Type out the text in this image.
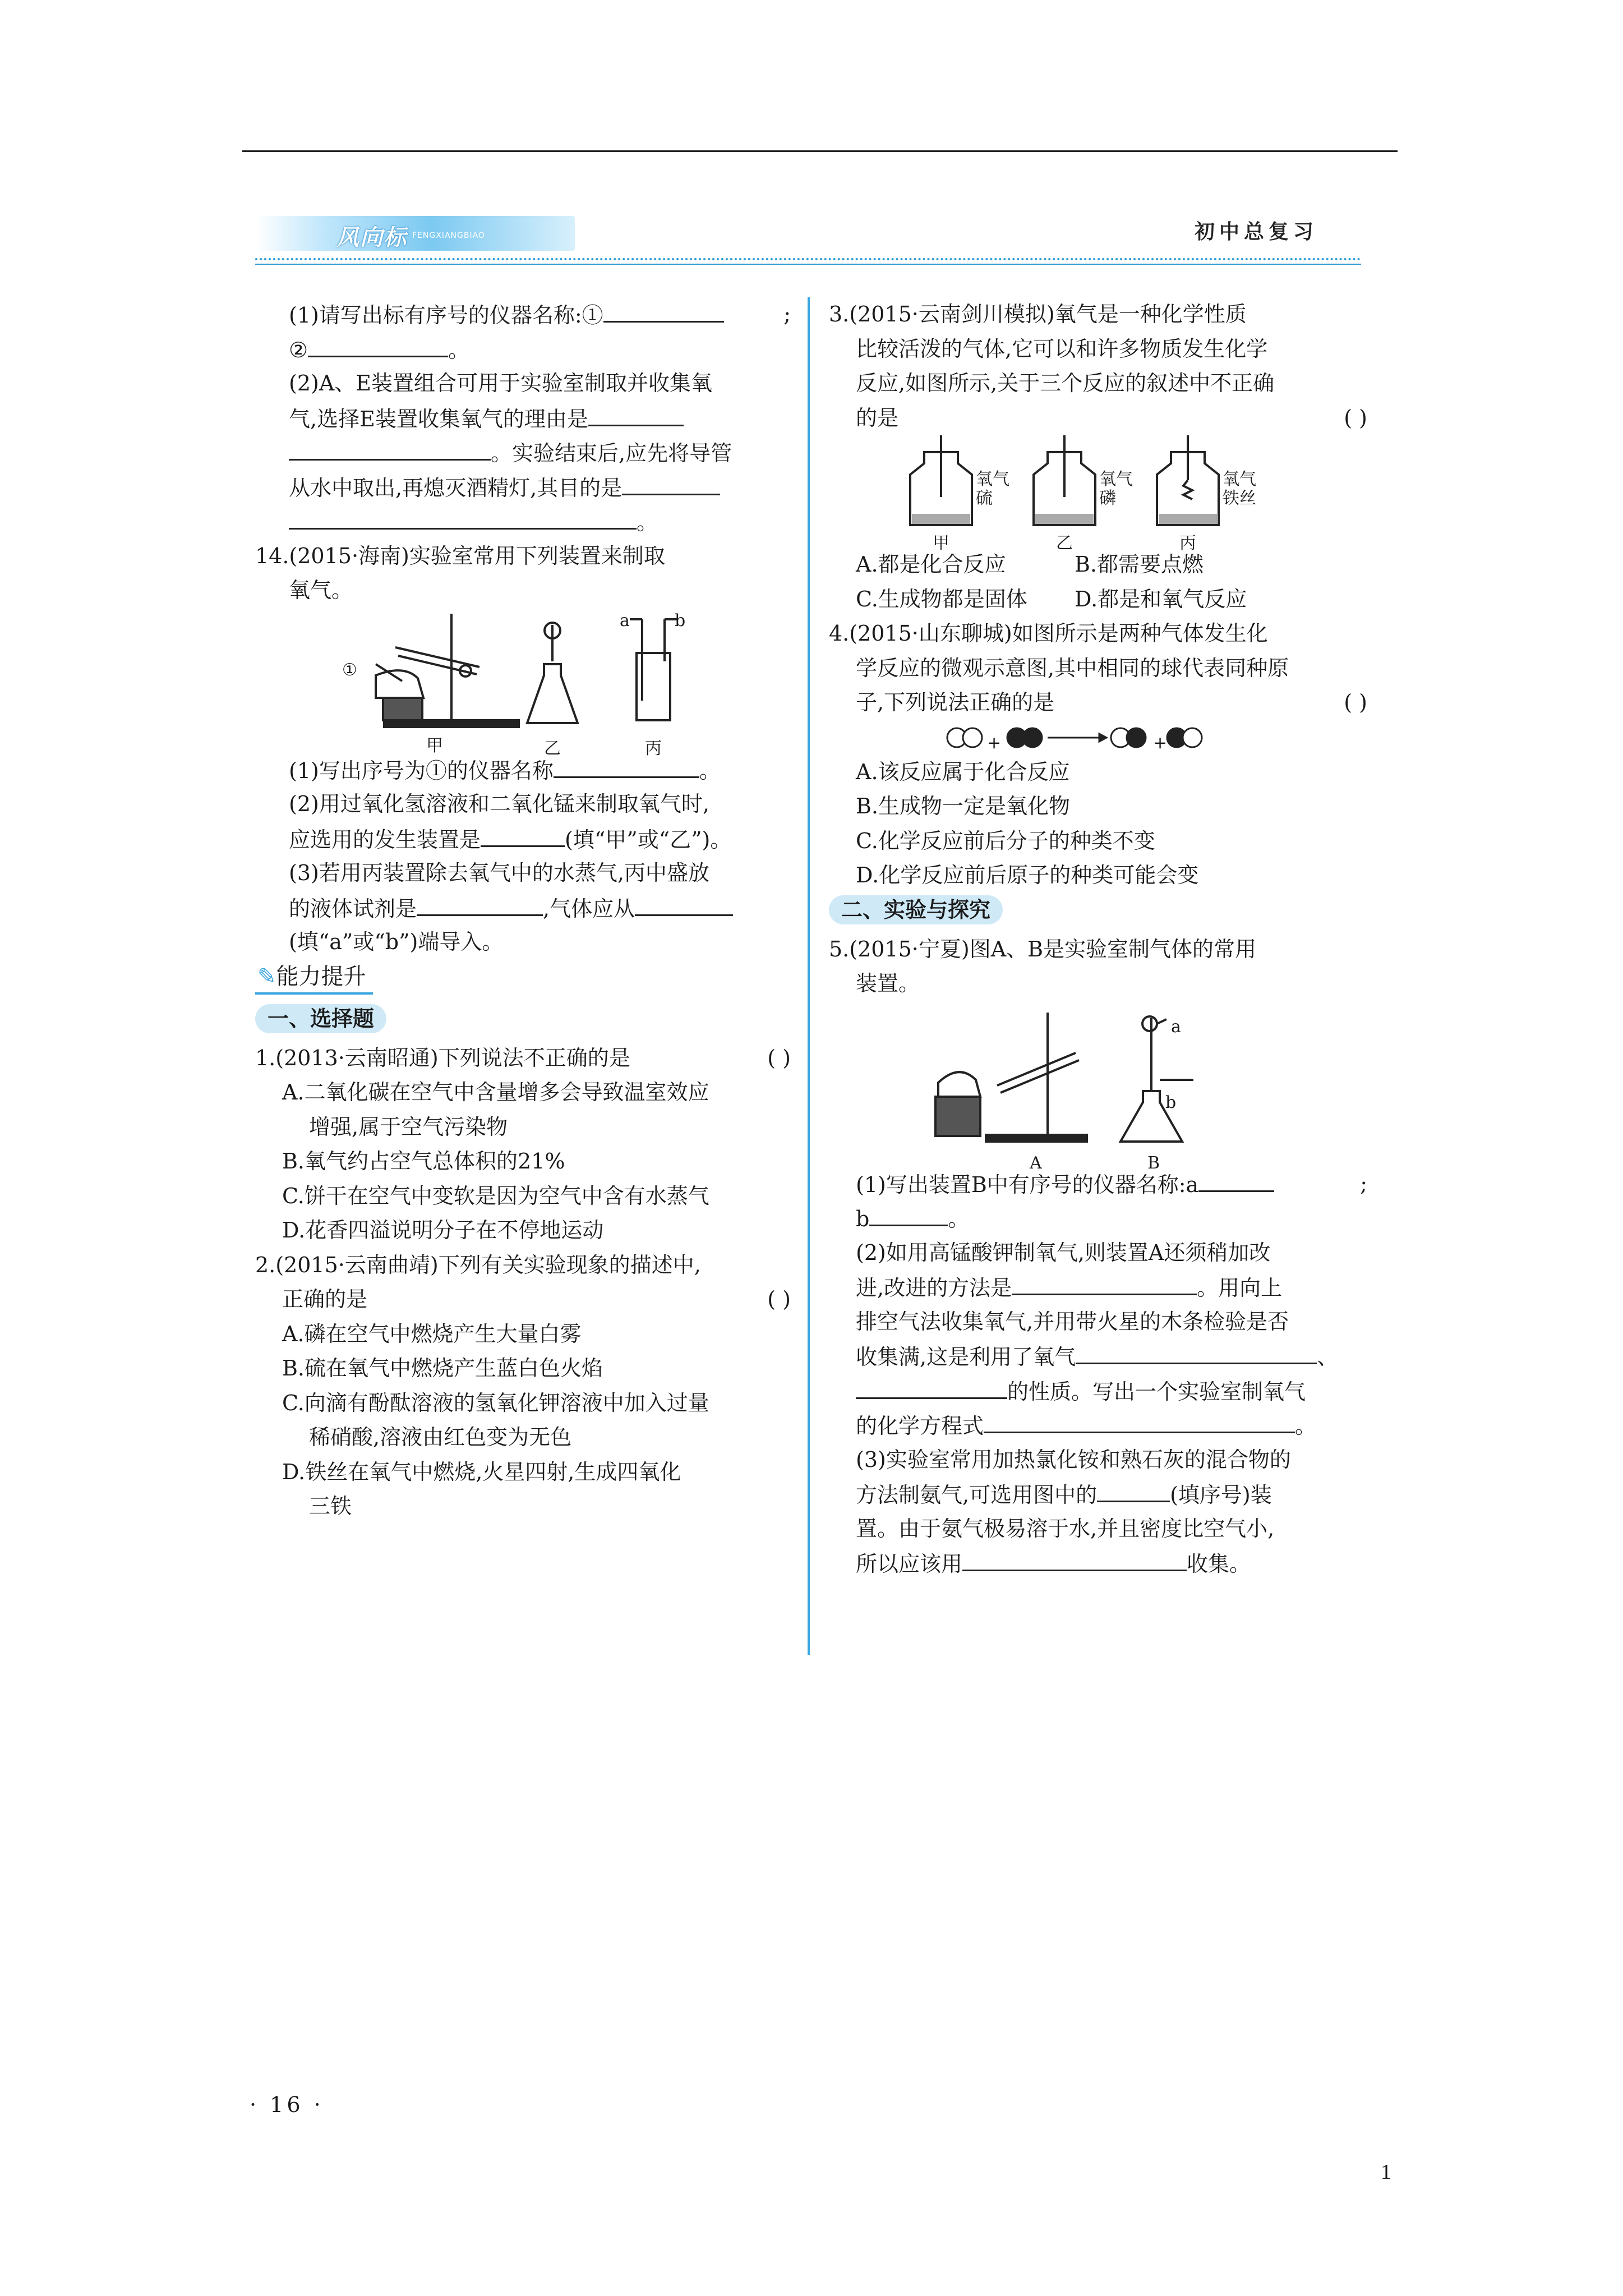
风向标 FENGXIANGBIAO	初中总复习
(1)请写出标有序号的仪器名称:①	;
②	。
(2)A、E装置组合可用于实验室制取并收集氧
气,选择E装置收集氧气的理由是
。实验结束后,应先将导管
从水中取出,再熄灭酒精灯,其目的是
。
14.(2015·海南)实验室常用下列装置来制取
氧气。
①
a	b
甲	乙	丙
(1)写出序号为①的仪器名称	。
(2)用过氧化氢溶液和二氧化锰来制取氧气时,
应选用的发生装置是	(填“甲”或“乙”)。
(3)若用丙装置除去氧气中的水蒸气,丙中盛放
的液体试剂是	,气体应从
(填“a”或“b”)端导入。
✎能力提升
一、选择题
1.(2013·云南昭通)下列说法不正确的是	( )
A.二氧化碳在空气中含量增多会导致温室效应
增强,属于空气污染物
B.氧气约占空气总体积的21%
C.饼干在空气中变软是因为空气中含有水蒸气
D.花香四溢说明分子在不停地运动
2.(2015·云南曲靖)下列有关实验现象的描述中,
正确的是	( )
A.磷在空气中燃烧产生大量白雾
B.硫在氧气中燃烧产生蓝白色火焰
C.向滴有酚酞溶液的氢氧化钾溶液中加入过量
稀硝酸,溶液由红色变为无色
D.铁丝在氧气中燃烧,火星四射,生成四氧化
三铁
3.(2015·云南剑川模拟)氧气是一种化学性质
比较活泼的气体,它可以和许多物质发生化学
反应,如图所示,关于三个反应的叙述中不正确
的是	( )
氧气
硫
氧气
磷
氧气
铁丝
甲	乙	丙
A.都是化合反应	B.都需要点燃
C.生成物都是固体 D.都是和氧气反应
4.(2015·山东聊城)如图所示是两种气体发生化
学反应的微观示意图,其中相同的球代表同种原
子,下列说法正确的是	( )
+	+
A.该反应属于化合反应
B.生成物一定是氧化物
C.化学反应前后分子的种类不变
D.化学反应前后原子的种类可能会变
二、实验与探究
5.(2015·宁夏)图A、B是实验室制气体的常用
装置。
A	B
a
b
(1)写出装置B中有序号的仪器名称:a	;
b	。
(2)如用高锰酸钾制氧气,则装置A还须稍加改
进,改进的方法是	。用向上
排空气法收集氧气,并用带火星的木条检验是否
收集满,这是利用了氧气	、
的性质。写出一个实验室制氧气
的化学方程式	。
(3)实验室常用加热氯化铵和熟石灰的混合物的
方法制氨气,可选用图中的	(填序号)装
置。由于氨气极易溶于水,并且密度比空气小,
所以应该用	收集。
· 16 ·
1
